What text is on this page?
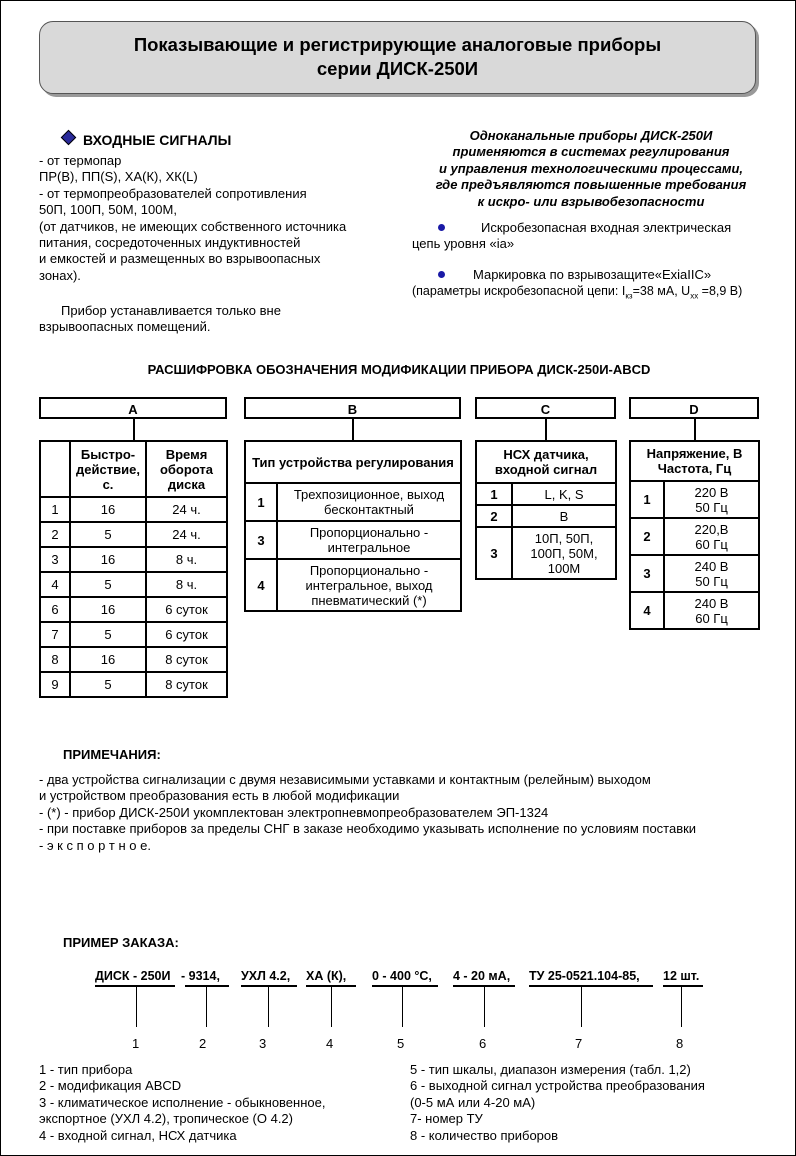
Показывающие и регистрирующие аналоговые приборы
серии ДИСК-250И
ВХОДНЫЕ СИГНАЛЫ
- от термопар
ПР(В), ПП(S), ХА(К), ХК(L)
- от термопреобразователей сопротивления
50П, 100П, 50М, 100М,
(от датчиков, не имеющих собственного источника
питания, сосредоточенных индуктивностей
и емкостей и размещенных во взрывоопасных
зонах).
Прибор устанавливается только вне
взрывоопасных помещений.
Одноканальные приборы ДИСК-250И
применяются в системах регулирования
и управления технологическими процессами,
где предъявляются повышенные требования
к искро- или взрывобезопасности
Искробезопасная входная электрическая
цепь уровня «ia»
Маркировка по взрывозащите«ExiaIIC»
(параметры искробезопасной цепи: $I_{кз}=38$ мА, $U_{хх} =8,9$ В)
РАСШИФРОВКА ОБОЗНАЧЕНИЯ МОДИФИКАЦИИ ПРИБОРА ДИСК-250И-ABCD
A	B	C	D
	Быстро-действие, с.	Время оборота диска
1	16	24 ч.
2	5	24 ч.
3	16	8 ч.
4	5	8 ч.
6	16	6 суток
7	5	6 суток
8	16	8 суток
9	5	8 суток
Тип устройства регулирования	
1	Трехпозиционное, выход бесконтактный
3	Пропорционально - интегральное
4	Пропорционально - интегральное, выход пневматический (*)
НСХ датчика, входной сигнал	
1	L, K, S
2	B
3	10П, 50П, 100П, 50М, 100М
Напряжение, В Частота, Гц	
1	220 В 50 Гц
2	220,В 60 Гц
3	240 В 50 Гц
4	240 В 60 Гц
ПРИМЕЧАНИЯ:
- два устройства сигнализации с двумя независимыми уставками и контактным (релейным) выходом
и устройством преобразования есть в любой модификации
- (*) - прибор ДИСК-250И укомплектован электропневмопреобразователем ЭП-1324
- при поставке приборов за пределы СНГ в заказе необходимо указывать исполнение по условиям поставки
- э к с п о р т н о е.
ПРИМЕР ЗАКАЗА:
ДИСК - 250И - 9314, УХЛ 4.2, ХА (К), 0 - 400 °С, 4 - 20 мА, ТУ 25-0521.104-85, 12 шт.
1	2	3	4	5	6	7	8
1 - тип прибора
2 - модификация ABCD
3 - климатическое исполнение - обыкновенное,
экспортное (УХЛ 4.2), тропическое (О 4.2)
4 - входной сигнал, НСХ датчика
5 - тип шкалы, диапазон измерения (табл. 1,2)
6 - выходной сигнал устройства преобразования
(0-5 мА или 4-20 мА)
7- номер ТУ
8 - количество приборов
